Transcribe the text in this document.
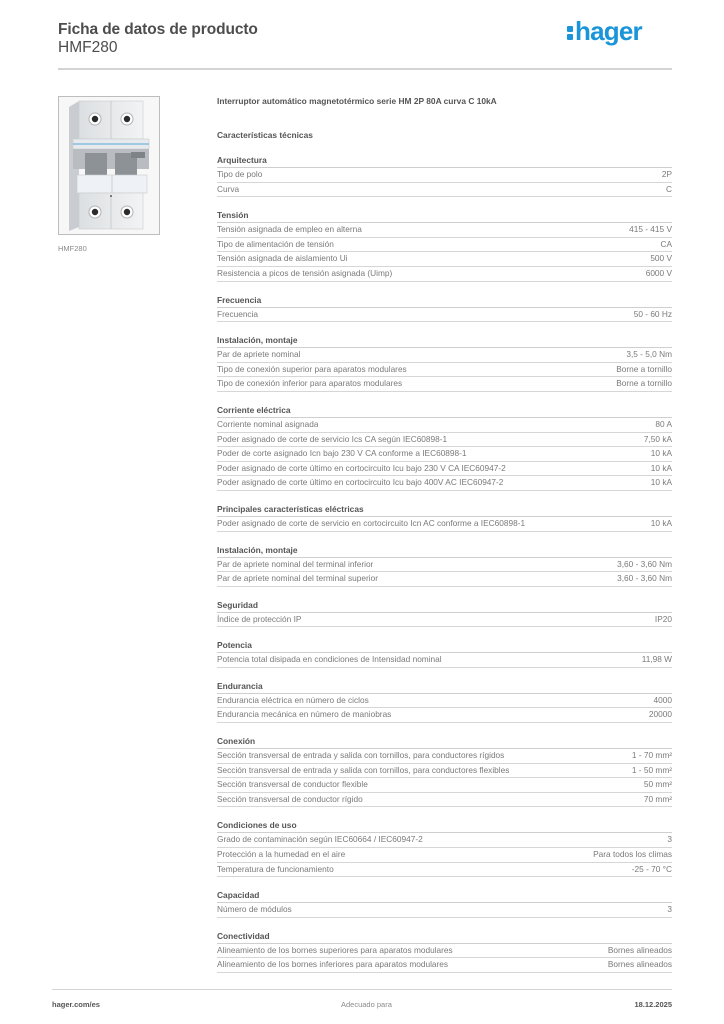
Ficha de datos de producto
HMF280
hager
HMF280
Interruptor automático magnetotérmico serie HM 2P 80A curva C 10kA
Características técnicas
Arquitectura
Tipo de polo	2P
Curva	C
Tensión
Tensión asignada de empleo en alterna	415 - 415 V
Tipo de alimentación de tensión	CA
Tensión asignada de aislamiento Ui	500 V
Resistencia a picos de tensión asignada (Uimp)	6000 V
Frecuencia
Frecuencia	50 - 60 Hz
Instalación, montaje
Par de apriete nominal	3,5 - 5,0 Nm
Tipo de conexión superior para aparatos modulares	Borne a tornillo
Tipo de conexión inferior para aparatos modulares	Borne a tornillo
Corriente eléctrica
Corriente nominal asignada	80 A
Poder asignado de corte de servicio Ics CA según IEC60898-1	7,50 kA
Poder de corte asignado Icn bajo 230 V CA conforme a IEC60898-1	10 kA
Poder asignado de corte último en cortocircuito Icu bajo 230 V CA IEC60947-2	10 kA
Poder asignado de corte último en cortocircuito Icu bajo 400V AC IEC60947-2	10 kA
Principales características eléctricas
Poder asignado de corte de servicio en cortocircuito Icn AC conforme a IEC60898-1	10 kA
Instalación, montaje
Par de apriete nominal del terminal inferior	3,60 - 3,60 Nm
Par de apriete nominal del terminal superior	3,60 - 3,60 Nm
Seguridad
Índice de protección IP	IP20
Potencia
Potencia total disipada en condiciones de Intensidad nominal	11,98 W
Endurancia
Endurancia eléctrica en número de ciclos	4000
Endurancia mecánica en número de maniobras	20000
Conexión
Sección transversal de entrada y salida con tornillos, para conductores rígidos	1 - 70 mm²
Sección transversal de entrada y salida con tornillos, para conductores flexibles	1 - 50 mm²
Sección transversal de conductor flexible	50 mm²
Sección transversal de conductor rígido	70 mm²
Condiciones de uso
Grado de contaminación según IEC60664 / IEC60947-2	3
Protección a la humedad en el aire	Para todos los climas
Temperatura de funcionamiento	-25 - 70 °C
Capacidad
Número de módulos	3
Conectividad
Alineamiento de los bornes superiores para aparatos modulares	Bornes alineados
Alineamiento de los bornes inferiores para aparatos modulares	Bornes alineados
hager.com/es	Adecuado para	18.12.2025
